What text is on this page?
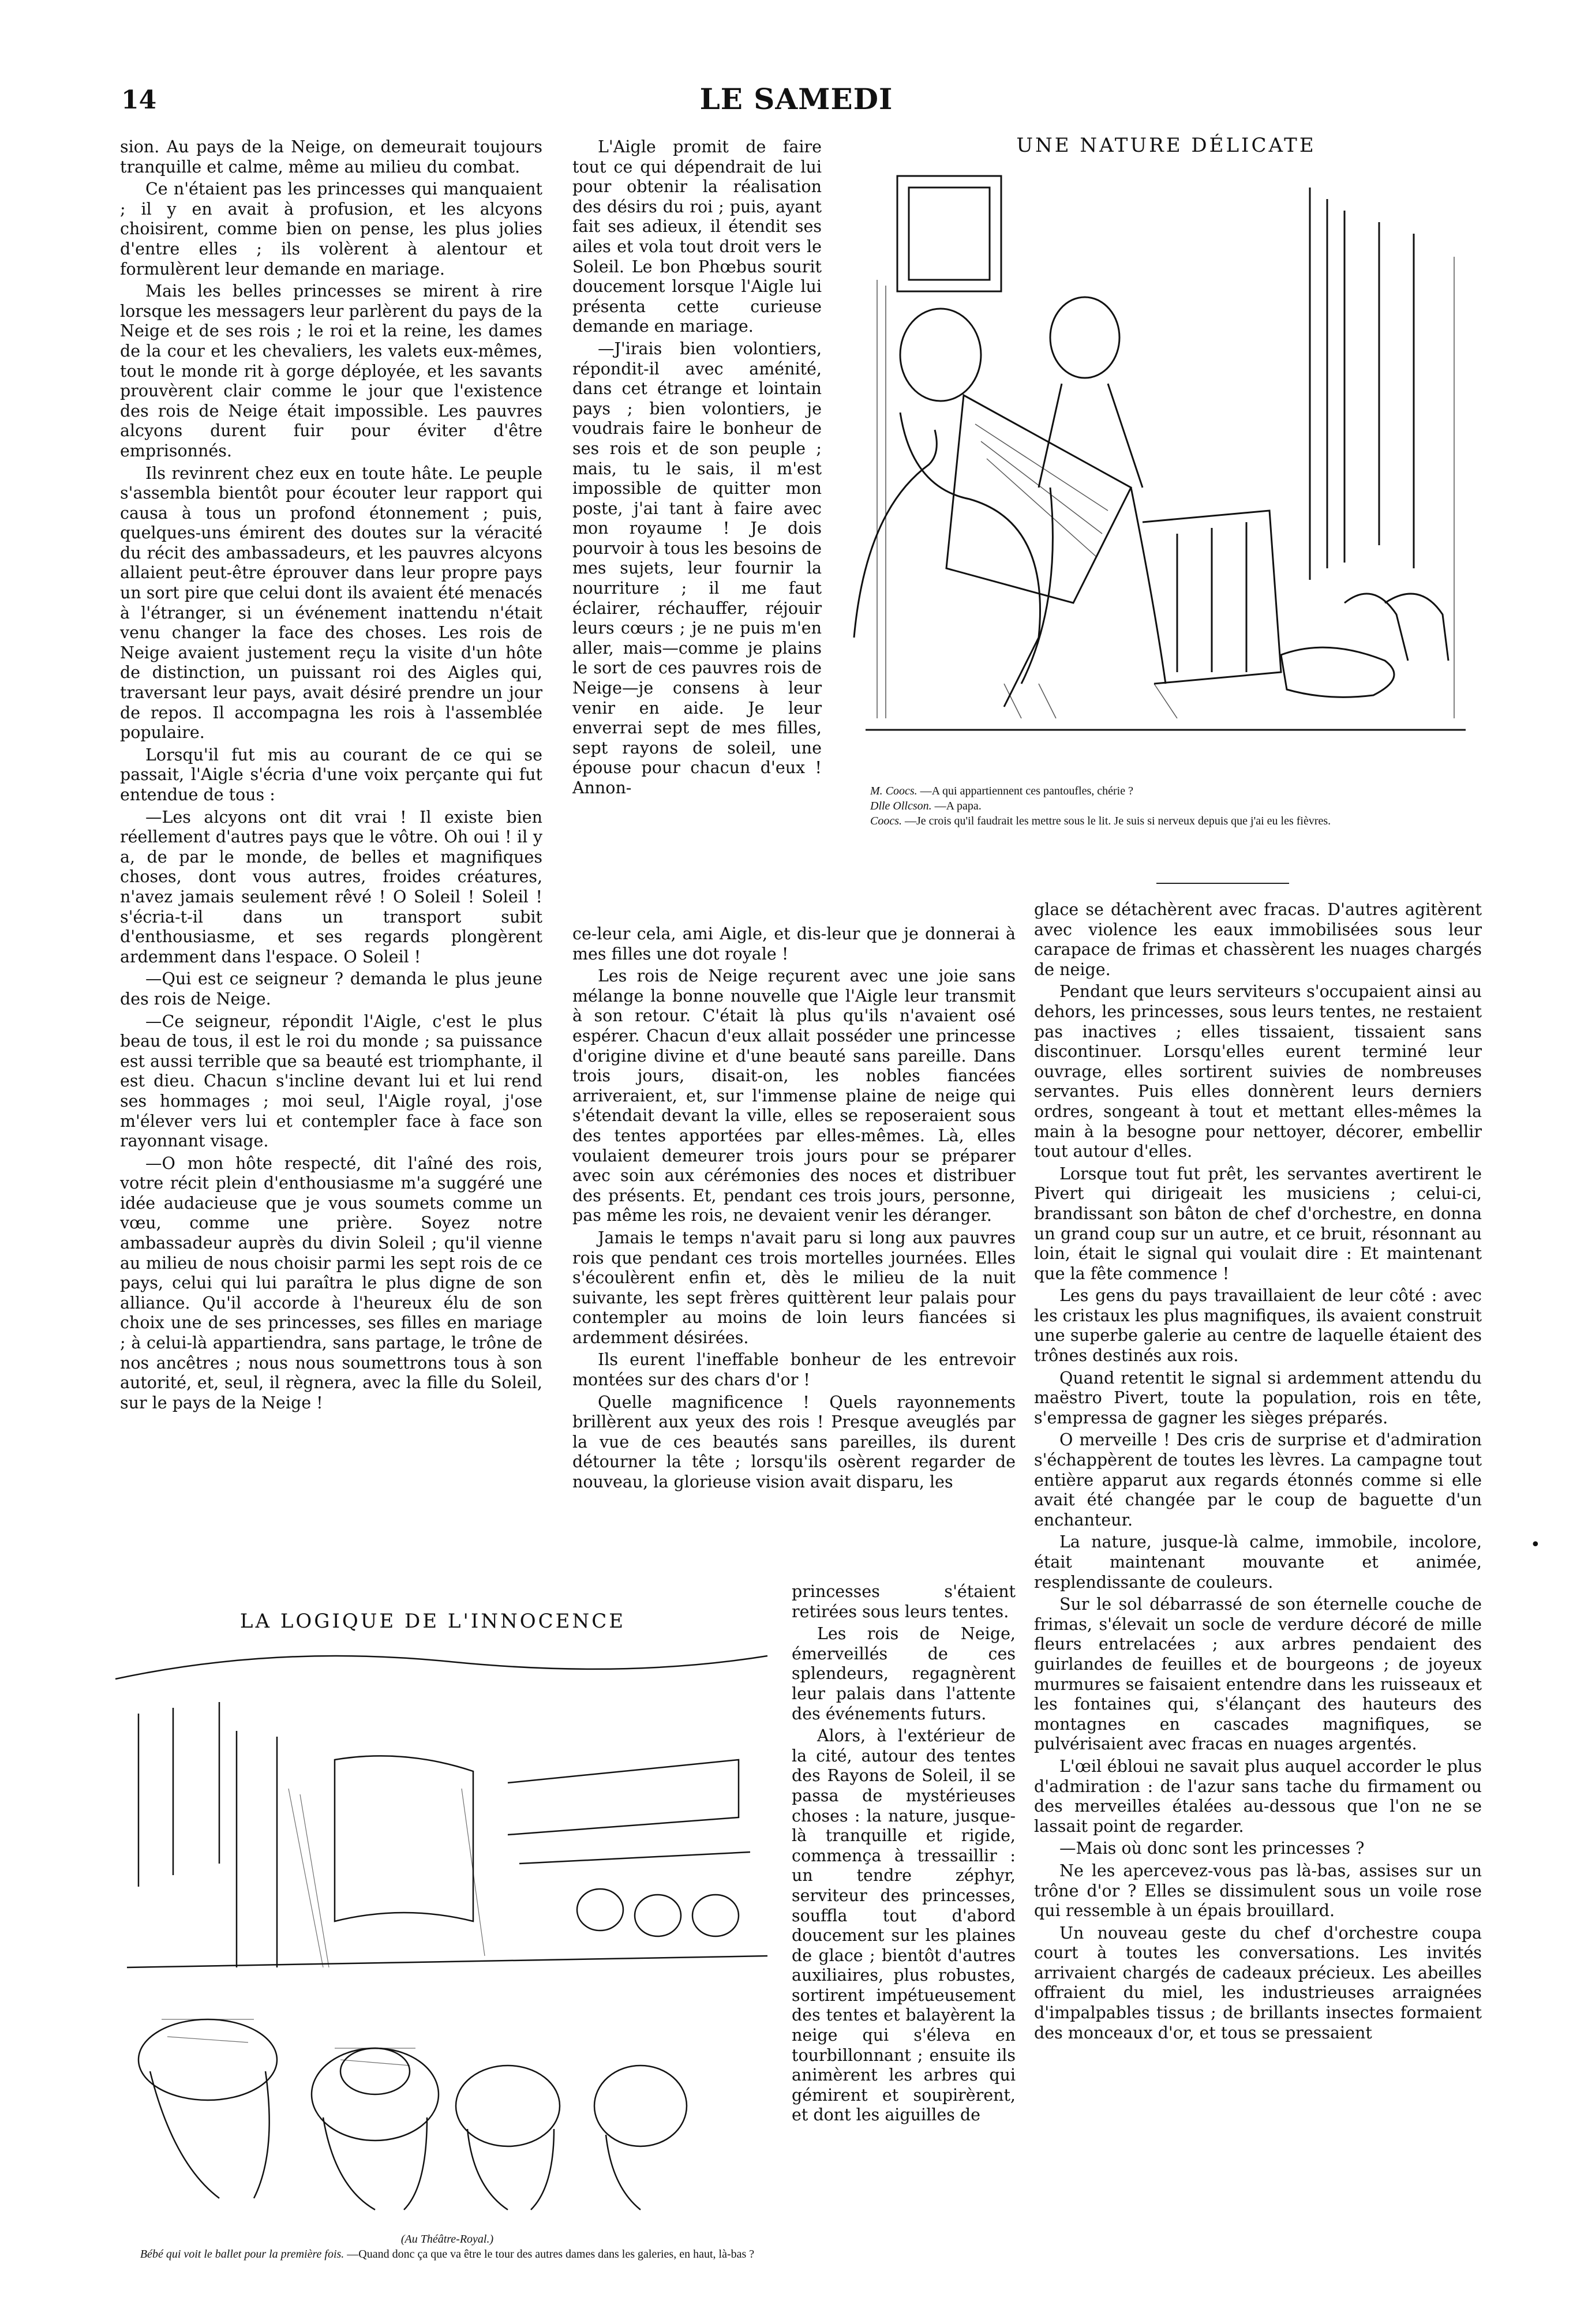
14	LE SAMEDI

sion. Au pays de la Neige, on demeurait toujours tranquille et calme, même au milieu du combat.

Ce n'étaient pas les princesses qui manquaient ; il y en avait à profusion, et les alcyons choisirent, comme bien on pense, les plus jolies d'entre elles ; ils volèrent à alentour et formulèrent leur demande en mariage.

Mais les belles princesses se mirent à rire lorsque les messagers leur parlèrent du pays de la Neige et de ses rois ; le roi et la reine, les dames de la cour et les chevaliers, les valets eux-mêmes, tout le monde rit à gorge déployée, et les savants prouvèrent clair comme le jour que l'existence des rois de Neige était impossible. Les pauvres alcyons durent fuir pour éviter d'être emprisonnés.

Ils revinrent chez eux en toute hâte. Le peuple s'assembla bientôt pour écouter leur rapport qui causa à tous un profond étonnement ; puis, quelques-uns émirent des doutes sur la véracité du récit des ambassadeurs, et les pauvres alcyons allaient peut-être éprouver dans leur propre pays un sort pire que celui dont ils avaient été menacés à l'étranger, si un événement inattendu n'était venu changer la face des choses. Les rois de Neige avaient justement reçu la visite d'un hôte de distinction, un puissant roi des Aigles qui, traversant leur pays, avait désiré prendre un jour de repos. Il accompagna les rois à l'assemblée populaire.

Lorsqu'il fut mis au courant de ce qui se passait, l'Aigle s'écria d'une voix perçante qui fut entendue de tous :

—Les alcyons ont dit vrai ! Il existe bien réellement d'autres pays que le vôtre. Oh oui ! il y a, de par le monde, de belles et magnifiques choses, dont vous autres, froides créatures, n'avez jamais seulement rêvé ! O Soleil ! Soleil ! s'écria-t-il dans un transport subit d'enthousiasme, et ses regards plongèrent ardemment dans l'espace. O Soleil !

—Qui est ce seigneur ? demanda le plus jeune des rois de Neige.

—Ce seigneur, répondit l'Aigle, c'est le plus beau de tous, il est le roi du monde ; sa puissance est aussi terrible que sa beauté est triomphante, il est dieu. Chacun s'incline devant lui et lui rend ses hommages ; moi seul, l'Aigle royal, j'ose m'élever vers lui et contempler face à face son rayonnant visage.

—O mon hôte respecté, dit l'aîné des rois, votre récit plein d'enthousiasme m'a suggéré une idée audacieuse que je vous soumets comme un vœu, comme une prière. Soyez notre ambassadeur auprès du divin Soleil ; qu'il vienne au milieu de nous choisir parmi les sept rois de ce pays, celui qui lui paraîtra le plus digne de son alliance. Qu'il accorde à l'heureux élu de son choix une de ses princesses, ses filles en mariage ; à celui-là appartiendra, sans partage, le trône de nos ancêtres ; nous nous soumettrons tous à son autorité, et, seul, il règnera, avec la fille du Soleil, sur le pays de la Neige !

L'Aigle promit de faire tout ce qui dépendrait de lui pour obtenir la réalisation des désirs du roi ; puis, ayant fait ses adieux, il étendit ses ailes et vola tout droit vers le Soleil. Le bon Phœbus sourit doucement lorsque l'Aigle lui présenta cette curieuse demande en mariage.

—J'irais bien volontiers, répondit-il avec aménité, dans cet étrange et lointain pays ; bien volontiers, je voudrais faire le bonheur de ses rois et de son peuple ; mais, tu le sais, il m'est impossible de quitter mon poste, j'ai tant à faire avec mon royaume ! Je dois pourvoir à tous les besoins de mes sujets, leur fournir la nourriture ; il me faut éclairer, réchauffer, réjouir leurs cœurs ; je ne puis m'en aller, mais—comme je plains le sort de ces pauvres rois de Neige—je consens à leur venir en aide. Je leur enverrai sept de mes filles, sept rayons de soleil, une épouse pour chacun d'eux ! Annon-

UNE NATURE DÉLICATE
M. Coocs. —A qui appartiennent ces pantoufles, chérie ?
Dlle Ollcson. —A papa.
Coocs. —Je crois qu'il faudrait les mettre sous le lit. Je suis si nerveux depuis que j'ai eu les fièvres.

ce-leur cela, ami Aigle, et dis-leur que je donnerai à mes filles une dot royale !

Les rois de Neige reçurent avec une joie sans mélange la bonne nouvelle que l'Aigle leur transmit à son retour. C'était là plus qu'ils n'avaient osé espérer. Chacun d'eux allait posséder une princesse d'origine divine et d'une beauté sans pareille. Dans trois jours, disait-on, les nobles fiancées arriveraient, et, sur l'immense plaine de neige qui s'étendait devant la ville, elles se reposeraient sous des tentes apportées par elles-mêmes. Là, elles voulaient demeurer trois jours pour se préparer avec soin aux cérémonies des noces et distribuer des présents. Et, pendant ces trois jours, personne, pas même les rois, ne devaient venir les déranger.

Jamais le temps n'avait paru si long aux pauvres rois que pendant ces trois mortelles journées. Elles s'écoulèrent enfin et, dès le milieu de la nuit suivante, les sept frères quittèrent leur palais pour contempler au moins de loin leurs fiancées si ardemment désirées.

Ils eurent l'ineffable bonheur de les entrevoir montées sur des chars d'or !

Quelle magnificence ! Quels rayonnements brillèrent aux yeux des rois ! Presque aveuglés par la vue de ces beautés sans pareilles, ils durent détourner la tête ; lorsqu'ils osèrent regarder de nouveau, la glorieuse vision avait disparu, les

princesses s'étaient retirées sous leurs tentes.

Les rois de Neige, émerveillés de ces splendeurs, regagnèrent leur palais dans l'attente des événements futurs.

Alors, à l'extérieur de la cité, autour des tentes des Rayons de Soleil, il se passa de mystérieuses choses : la nature, jusque-là tranquille et rigide, commença à tressaillir : un tendre zéphyr, serviteur des princesses, souffla tout d'abord doucement sur les plaines de glace ; bientôt d'autres auxiliaires, plus robustes, sortirent impétueusement des tentes et balayèrent la neige qui s'éleva en tourbillonnant ; ensuite ils animèrent les arbres qui gémirent et soupirèrent, et dont les aiguilles de

glace se détachèrent avec fracas. D'autres agitèrent avec violence les eaux immobilisées sous leur carapace de frimas et chassèrent les nuages chargés de neige.

Pendant que leurs serviteurs s'occupaient ainsi au dehors, les princesses, sous leurs tentes, ne restaient pas inactives ; elles tissaient, tissaient sans discontinuer. Lorsqu'elles eurent terminé leur ouvrage, elles sortirent suivies de nombreuses servantes. Puis elles donnèrent leurs derniers ordres, songeant à tout et mettant elles-mêmes la main à la besogne pour nettoyer, décorer, embellir tout autour d'elles.

Lorsque tout fut prêt, les servantes avertirent le Pivert qui dirigeait les musiciens ; celui-ci, brandissant son bâton de chef d'orchestre, en donna un grand coup sur un autre, et ce bruit, résonnant au loin, était le signal qui voulait dire : Et maintenant que la fête commence !

Les gens du pays travaillaient de leur côté : avec les cristaux les plus magnifiques, ils avaient construit une superbe galerie au centre de laquelle étaient des trônes destinés aux rois.

Quand retentit le signal si ardemment attendu du maëstro Pivert, toute la population, rois en tête, s'empressa de gagner les sièges préparés.

O merveille ! Des cris de surprise et d'admiration s'échappèrent de toutes les lèvres. La campagne tout entière apparut aux regards étonnés comme si elle avait été changée par le coup de baguette d'un enchanteur.

La nature, jusque-là calme, immobile, incolore, était maintenant mouvante et animée, resplendissante de couleurs.

Sur le sol débarrassé de son éternelle couche de frimas, s'élevait un socle de verdure décoré de mille fleurs entrelacées ; aux arbres pendaient des guirlandes de feuilles et de bourgeons ; de joyeux murmures se faisaient entendre dans les ruisseaux et les fontaines qui, s'élançant des hauteurs des montagnes en cascades magnifiques, se pulvérisaient avec fracas en nuages argentés.

L'œil ébloui ne savait plus auquel accorder le plus d'admiration : de l'azur sans tache du firmament ou des merveilles étalées au-dessous que l'on ne se lassait point de regarder.

—Mais où donc sont les princesses ?

Ne les apercevez-vous pas là-bas, assises sur un trône d'or ? Elles se dissimulent sous un voile rose qui ressemble à un épais brouillard.

Un nouveau geste du chef d'orchestre coupa court à toutes les conversations. Les invités arrivaient chargés de cadeaux précieux. Les abeilles offraient du miel, les industrieuses arraignées d'impalpables tissus ; de brillants insectes formaient des monceaux d'or, et tous se pressaient

•
LA LOGIQUE DE L'INNOCENCE
(Au Théâtre-Royal.)
Bébé qui voit le ballet pour la première fois. —Quand donc ça que va être le tour des autres dames dans les galeries, en haut, là-bas ?
